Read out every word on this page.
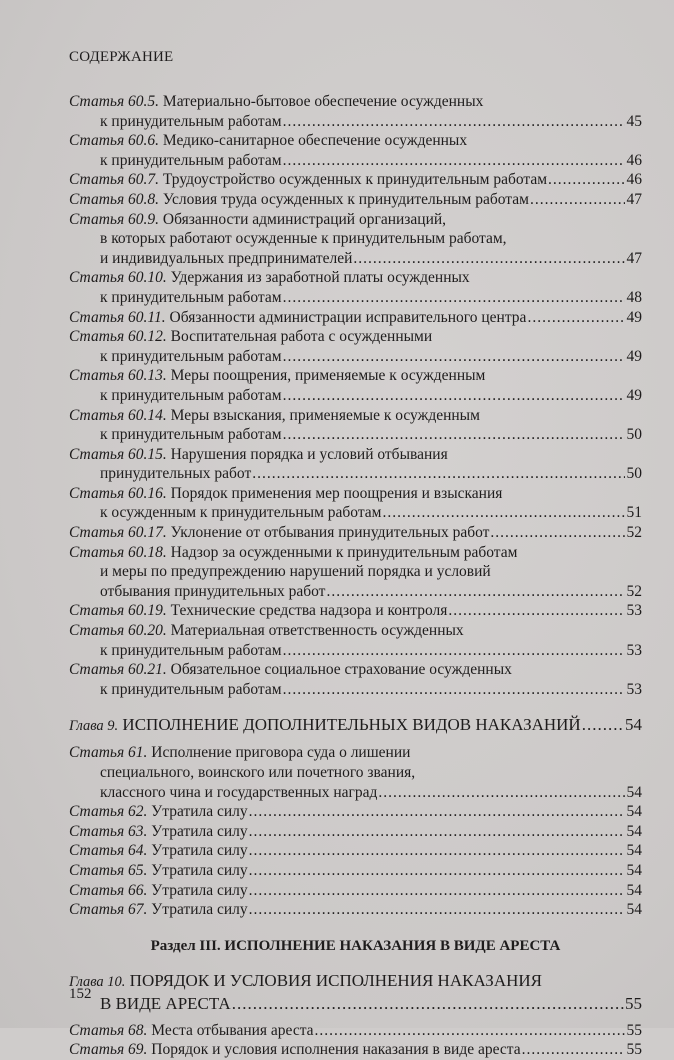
СОДЕРЖАНИЕ
Статья 60.5.
Материально-бытовое обеспечение осужденных
к принудительным работам .....	45
Статья 60.6.
Медико-санитарное обеспечение осужденных
к принудительным работам .....	46
Статья 60.7.
Трудоустройство осужденных к принудительным работам .....	46
Статья 60.8.
Условия труда осужденных к принудительным работам .....	47
Статья 60.9.
Обязанности администраций организаций,
в которых работают осужденные к принудительным работам,
и индивидуальных предпринимателей .....	47
Статья 60.10.
Удержания из заработной платы осужденных
к принудительным работам .....	48
Статья 60.11.
Обязанности администрации исправительного центра .....	49
Статья 60.12.
Воспитательная работа с осужденными
к принудительным работам .....	49
Статья 60.13.
Меры поощрения, применяемые к осужденным
к принудительным работам .....	49
Статья 60.14.
Меры взыскания, применяемые к осужденным
к принудительным работам .....	50
Статья 60.15.
Нарушения порядка и условий отбывания
принудительных работ .....	50
Статья 60.16.
Порядок применения мер поощрения и взыскания
к осужденным к принудительным работам .....	51
Статья 60.17.
Уклонение от отбывания принудительных работ .....	52
Статья 60.18.
Надзор за осужденными к принудительным работам
и меры по предупреждению нарушений порядка и условий
отбывания принудительных работ .....	52
Статья 60.19.
Технические средства надзора и контроля .....	53
Статья 60.20.
Материальная ответственность осужденных
к принудительным работам .....	53
Статья 60.21.
Обязательное социальное страхование осужденных
к принудительным работам .....	53
Глава 9.
ИСПОЛНЕНИЕ ДОПОЛНИТЕЛЬНЫХ ВИДОВ НАКАЗАНИЙ .....	54
Статья 61.
Исполнение приговора суда о лишении
специального, воинского или почетного звания,
классного чина и государственных наград .....	54
Статья 62.
Утратила силу .....	54
Статья 63.
Утратила силу .....	54
Статья 64.
Утратила силу .....	54
Статья 65.
Утратила силу .....	54
Статья 66.
Утратила силу .....	54
Статья 67.
Утратила силу .....	54
Раздел III. ИСПОЛНЕНИЕ НАКАЗАНИЯ В ВИДЕ АРЕСТА
Глава 10.
ПОРЯДОК И УСЛОВИЯ ИСПОЛНЕНИЯ НАКАЗАНИЯ
В ВИДЕ АРЕСТА .....	55
Статья 68.
Места отбывания ареста .....	55
Статья 69.
Порядок и условия исполнения наказания в виде ареста .....	55
152
